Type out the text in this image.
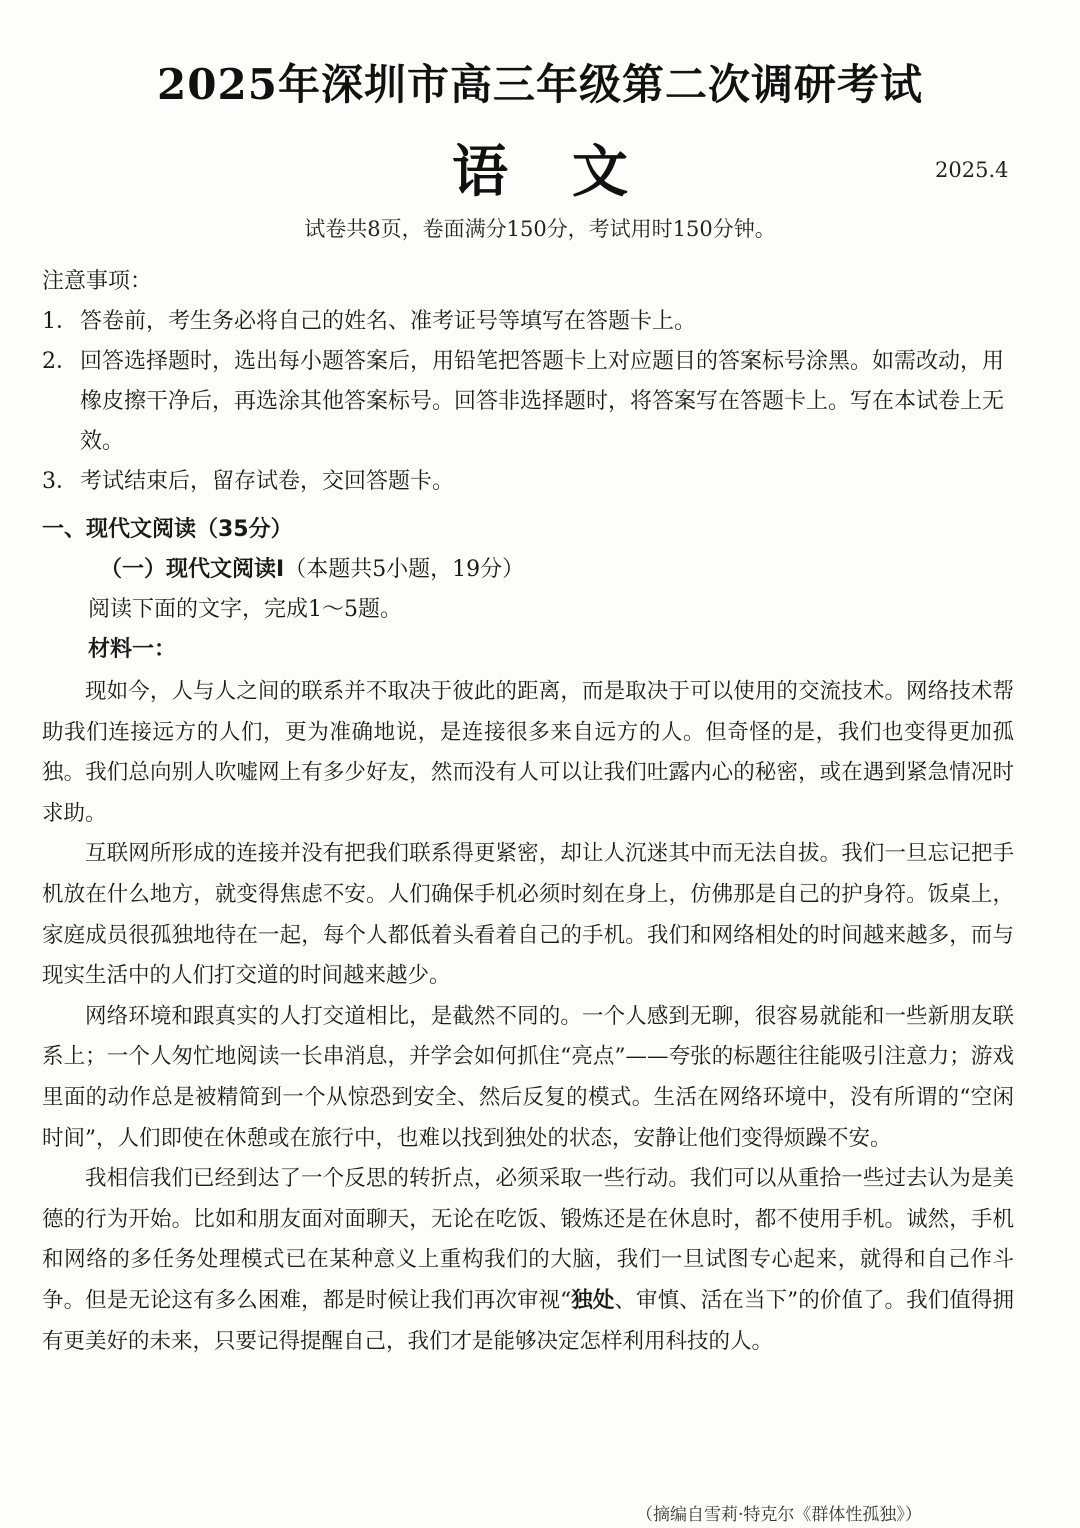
2025年深圳市高三年级第二次调研考试
语 文	2025.4
试卷共8页，卷面满分150分，考试用时150分钟。
注意事项：
1． 答卷前，考生务必将自己的姓名、准考证号等填写在答题卡上。
2． 回答选择题时，选出每小题答案后，用铅笔把答题卡上对应题目的答案标号涂黑。如需改动，用橡皮擦干净后，再选涂其他答案标号。回答非选择题时，将答案写在答题卡上。写在本试卷上无效。
3． 考试结束后，留存试卷，交回答题卡。
一、现代文阅读（35分）
（一）现代文阅读Ⅰ（本题共5小题，19分）
阅读下面的文字，完成1～5题。
材料一：

现如今，人与人之间的联系并不取决于彼此的距离，而是取决于可以使用的交流技术。网络技术帮助我们连接远方的人们，更为准确地说，是连接很多来自远方的人。但奇怪的是，我们也变得更加孤独。我们总向别人吹嘘网上有多少好友，然而没有人可以让我们吐露内心的秘密，或在遇到紧急情况时求助。

互联网所形成的连接并没有把我们联系得更紧密，却让人沉迷其中而无法自拔。我们一旦忘记把手机放在什么地方，就变得焦虑不安。人们确保手机必须时刻在身上，仿佛那是自己的护身符。饭桌上，家庭成员很孤独地待在一起，每个人都低着头看着自己的手机。我们和网络相处的时间越来越多，而与现实生活中的人们打交道的时间越来越少。

网络环境和跟真实的人打交道相比，是截然不同的。一个人感到无聊，很容易就能和一些新朋友联系上；一个人匆忙地阅读一长串消息，并学会如何抓住“亮点”——夸张的标题往往能吸引注意力；游戏里面的动作总是被精简到一个从惊恐到安全、然后反复的模式。生活在网络环境中，没有所谓的“空闲时间”，人们即使在休憩或在旅行中，也难以找到独处的状态，安静让他们变得烦躁不安。

我相信我们已经到达了一个反思的转折点，必须采取一些行动。我们可以从重拾一些过去认为是美德的行为开始。比如和朋友面对面聊天，无论在吃饭、锻炼还是在休息时，都不使用手机。诚然，手机和网络的多任务处理模式已在某种意义上重构我们的大脑，我们一旦试图专心起来，就得和自己作斗争。但是无论这有多么困难，都是时候让我们再次审视“独处、审慎、活在当下”的价值了。我们值得拥有更美好的未来，只要记得提醒自己，我们才是能够决定怎样利用科技的人。

（摘编自雪莉·特克尔《群体性孤独》）
